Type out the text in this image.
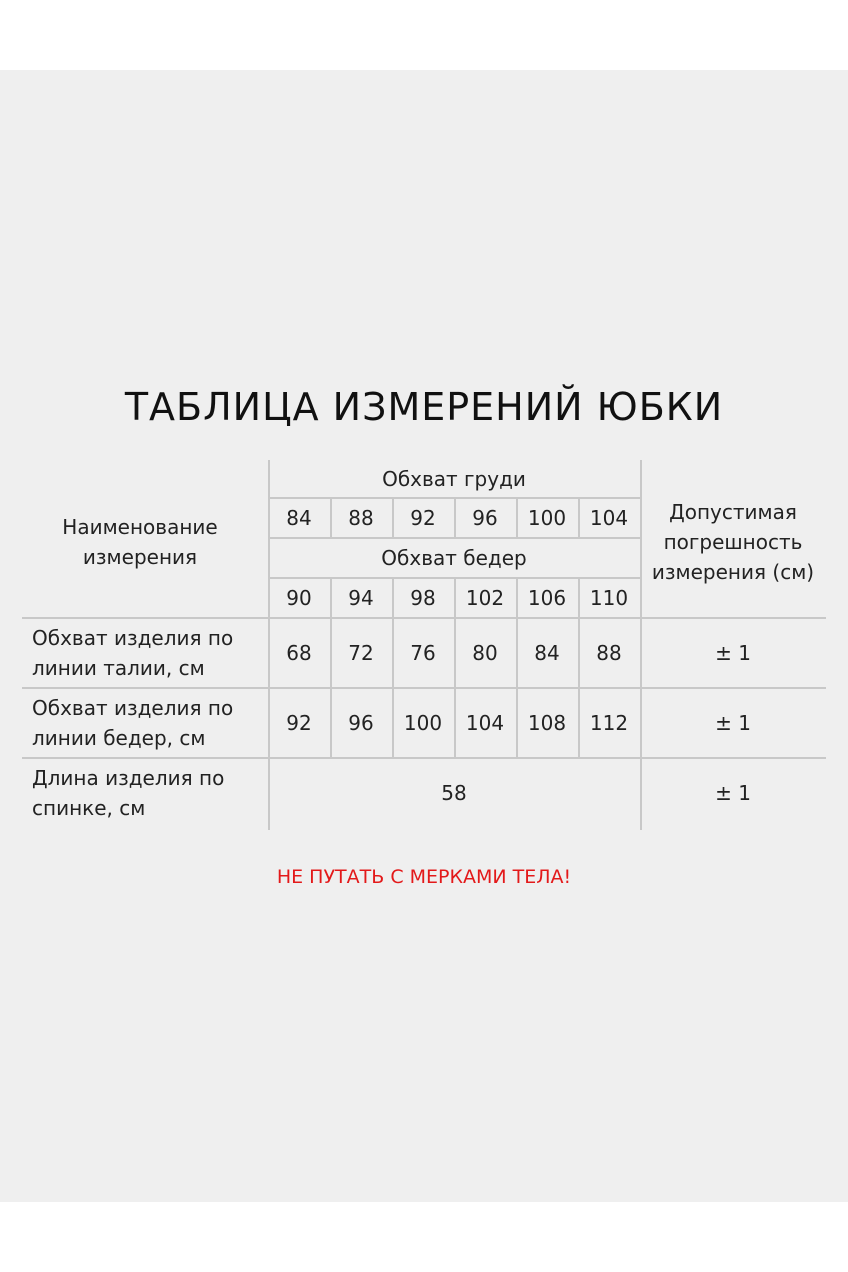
ТАБЛИЦА ИЗМЕРЕНИЙ ЮБКИ
Наименование измерения
Обхват груди
84	88	92	96	100	104
Обхват бедер
90	94	98	102	106	110
Допустимая погрешность измерения (см)
Обхват изделия по линии талии, см
68	72	76	80	84	88	± 1
Обхват изделия по линии бедер, см
92	96	100	104	108	112	± 1
Длина изделия по спинке, см
58	± 1
НЕ ПУТАТЬ С МЕРКАМИ ТЕЛА!
